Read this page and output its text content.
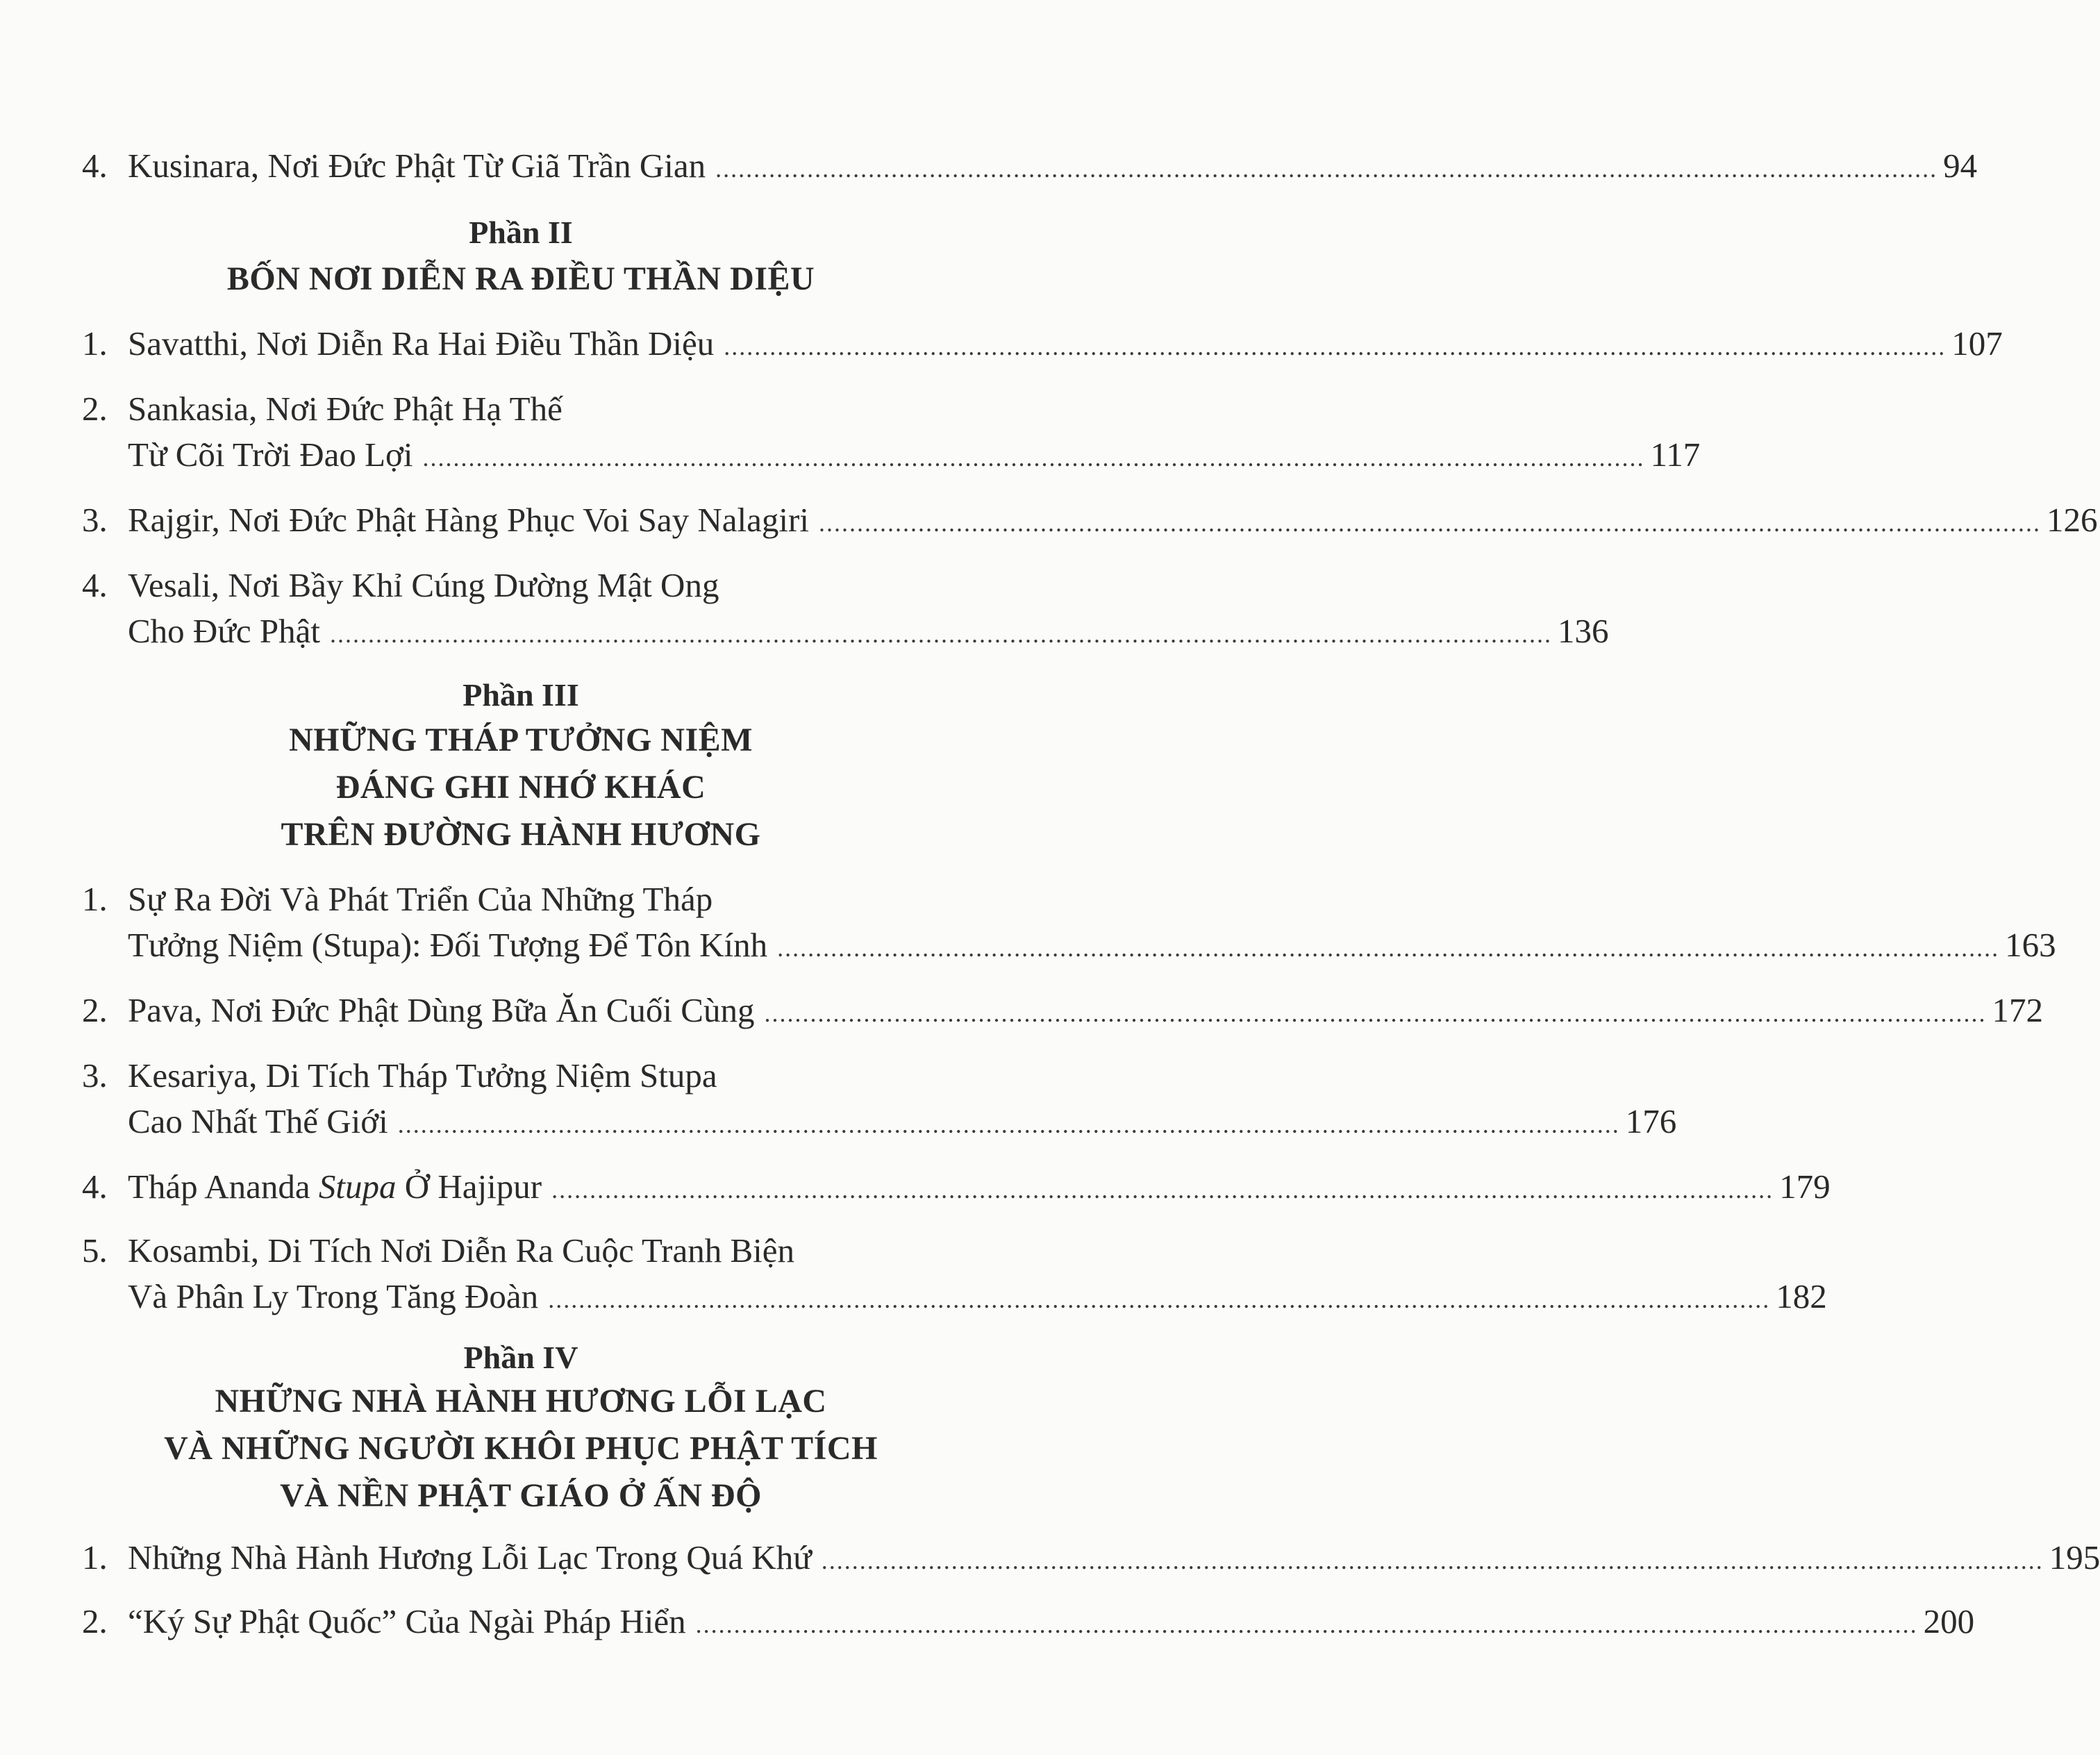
4. Kusinara, Nơi Đức Phật Từ Giã Trần Gian ................................................................................................................................................................ 94
Phần II
BỐN NƠI DIỄN RA ĐIỀU THẦN DIỆU
1. Savatthi, Nơi Diễn Ra Hai Điều Thần Diệu ................................................................................................................................................................ 107
2. Sankasia, Nơi Đức Phật Hạ Thế
Từ Cõi Trời Đao Lợi ................................................................................................................................................................ 117
3. Rajgir, Nơi Đức Phật Hàng Phục Voi Say Nalagiri ................................................................................................................................................................ 126
4. Vesali, Nơi Bầy Khỉ Cúng Dường Mật Ong
Cho Đức Phật ................................................................................................................................................................ 136
Phần III
NHỮNG THÁP TƯỞNG NIỆM
ĐÁNG GHI NHỚ KHÁC
TRÊN ĐƯỜNG HÀNH HƯƠNG
1. Sự Ra Đời Và Phát Triển Của Những Tháp
Tưởng Niệm (Stupa): Đối Tượng Để Tôn Kính ................................................................................................................................................................ 163
2. Pava, Nơi Đức Phật Dùng Bữa Ăn Cuối Cùng ................................................................................................................................................................ 172
3. Kesariya, Di Tích Tháp Tưởng Niệm Stupa
Cao Nhất Thế Giới ................................................................................................................................................................ 176
4. Tháp Ananda Stupa Ở Hajipur ................................................................................................................................................................ 179
5. Kosambi, Di Tích Nơi Diễn Ra Cuộc Tranh Biện
Và Phân Ly Trong Tăng Đoàn ................................................................................................................................................................ 182
Phần IV
NHỮNG NHÀ HÀNH HƯƠNG LỖI LẠC
VÀ NHỮNG NGƯỜI KHÔI PHỤC PHẬT TÍCH
VÀ NỀN PHẬT GIÁO Ở ẤN ĐỘ
1. Những Nhà Hành Hương Lỗi Lạc Trong Quá Khứ ................................................................................................................................................................ 195
2. “Ký Sự Phật Quốc” Của Ngài Pháp Hiển ................................................................................................................................................................ 200
